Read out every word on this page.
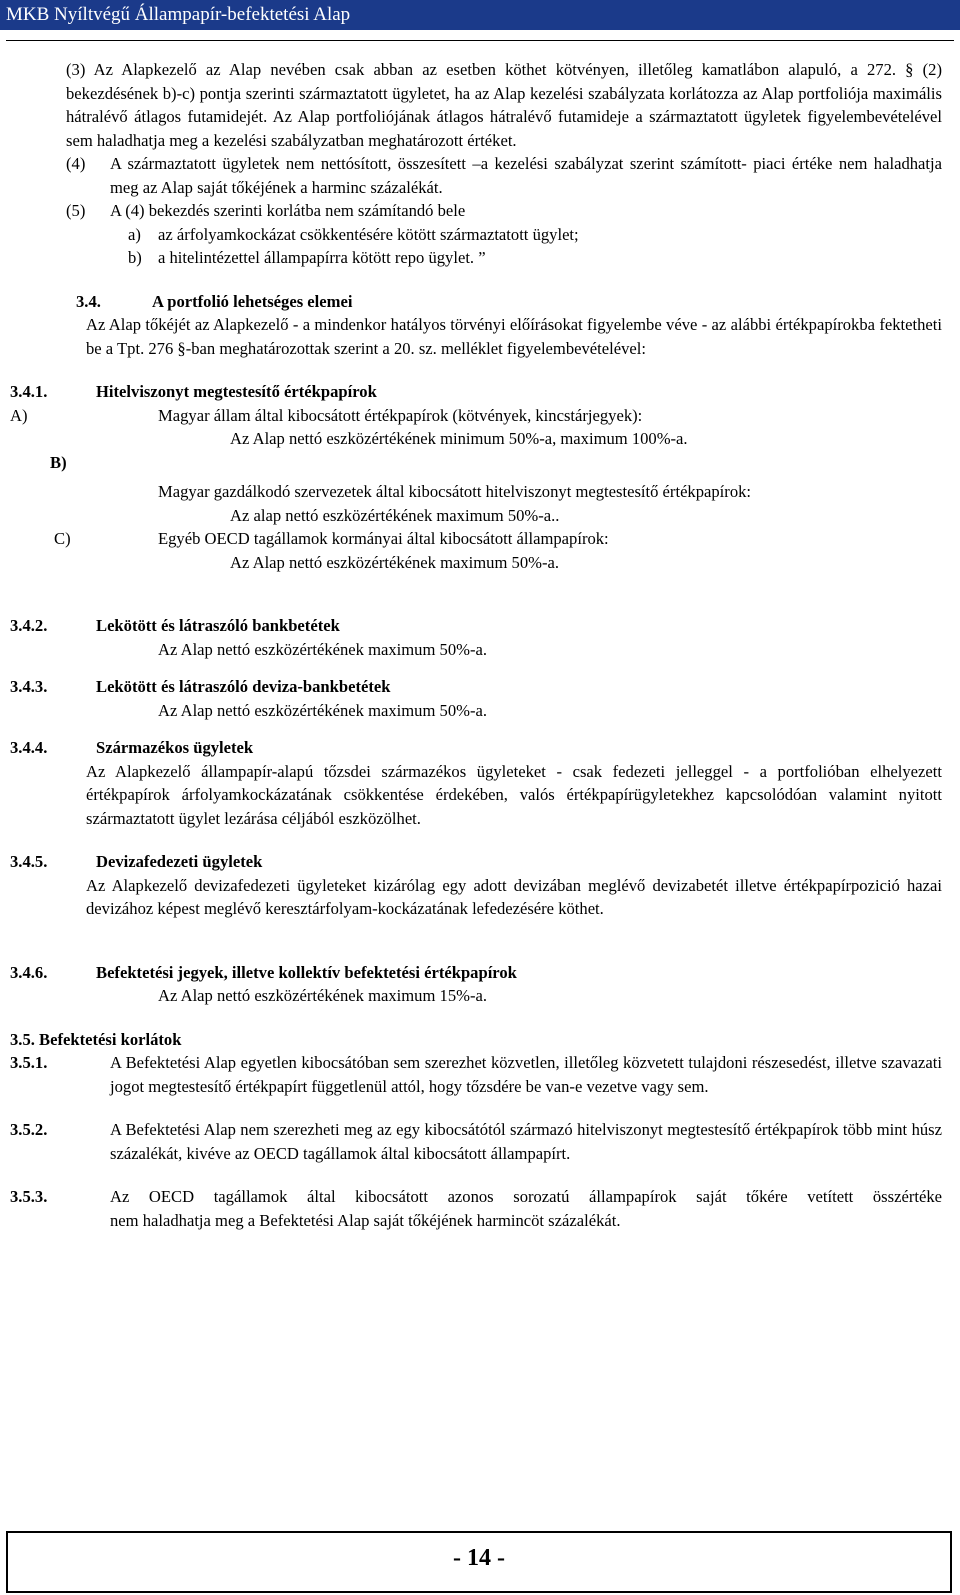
MKB Nyíltvégű Állampapír-befektetési Alap
(3) Az Alapkezelő az Alap nevében csak abban az esetben köthet kötvényen, illetőleg kamatlábon alapuló, a 272. § (2) bekezdésének b)-c) pontja szerinti származtatott ügyletet, ha az Alap kezelési szabályzata korlátozza az Alap portfoliója maximális hátralévő átlagos futamidejét. Az Alap portfoliójának átlagos hátralévő futamideje a származtatott ügyletek figyelembevételével sem haladhatja meg a kezelési szabályzatban meghatározott értéket.
(4)	A származtatott ügyletek nem nettósított, összesített –a kezelési szabályzat szerint számított- piaci értéke nem haladhatja meg az Alap saját tőkéjének a harminc százalékát.
(5)	A (4) bekezdés szerinti korlátba nem számítandó bele
a)	az árfolyamkockázat csökkentésére kötött származtatott ügylet;
b) a hitelintézettel állampapírra kötött repo ügylet. ”
3.4.	A portfolió lehetséges elemei
Az Alap tőkéjét az Alapkezelő - a mindenkor hatályos törvényi előírásokat figyelembe véve - az alábbi értékpapírokba fektetheti be a Tpt. 276 §-ban meghatározottak szerint a 20. sz. melléklet figyelembevételével:
3.4.1.	Hitelviszonyt megtestesítő értékpapírok
A)	Magyar állam által kibocsátott értékpapírok (kötvények, kincstárjegyek):
Az Alap nettó eszközértékének minimum 50%-a, maximum 100%-a.
B)
Magyar gazdálkodó szervezetek által kibocsátott hitelviszonyt megtestesítő értékpapírok:
Az alap nettó eszközértékének maximum 50%-a..
C)	Egyéb OECD tagállamok kormányai által kibocsátott állampapírok:
Az Alap nettó eszközértékének maximum 50%-a.
3.4.2.	Lekötött és látraszóló bankbetétek
Az Alap nettó eszközértékének maximum 50%-a.
3.4.3.	Lekötött és látraszóló deviza-bankbetétek
Az Alap nettó eszközértékének maximum 50%-a.
3.4.4.	Származékos ügyletek
Az Alapkezelő állampapír-alapú tőzsdei származékos ügyleteket - csak fedezeti jelleggel - a portfolióban elhelyezett értékpapírok árfolyamkockázatának csökkentése érdekében, valós értékpapírügyletekhez kapcsolódóan valamint nyitott származtatott ügylet lezárása céljából eszközölhet.
3.4.5.	Devizafedezeti ügyletek
Az Alapkezelő devizafedezeti ügyleteket kizárólag egy adott devizában meglévő devizabetét illetve értékpapírpozició hazai devizához képest meglévő keresztárfolyam-kockázatának lefedezésére köthet.
3.4.6.	Befektetési jegyek, illetve kollektív befektetési értékpapírok
Az Alap nettó eszközértékének maximum 15%-a.
3.5. Befektetési korlátok
3.5.1.	A Befektetési Alap egyetlen kibocsátóban sem szerezhet közvetlen, illetőleg közvetett tulajdoni részesedést, illetve szavazati jogot megtestesítő értékpapírt függetlenül attól, hogy tőzsdére be van-e vezetve vagy sem.
3.5.2.	A Befektetési Alap nem szerezheti meg az egy kibocsátótól származó hitelviszonyt megtestesítő értékpapírok több mint húsz százalékát, kivéve az OECD tagállamok által kibocsátott állampapírt.
3.5.3.	Az OECD tagállamok által kibocsátott azonos sorozatú állampapírok saját tőkére vetített összértéke
nem haladhatja meg a Befektetési Alap saját tőkéjének harmincöt százalékát.
- 14 -
